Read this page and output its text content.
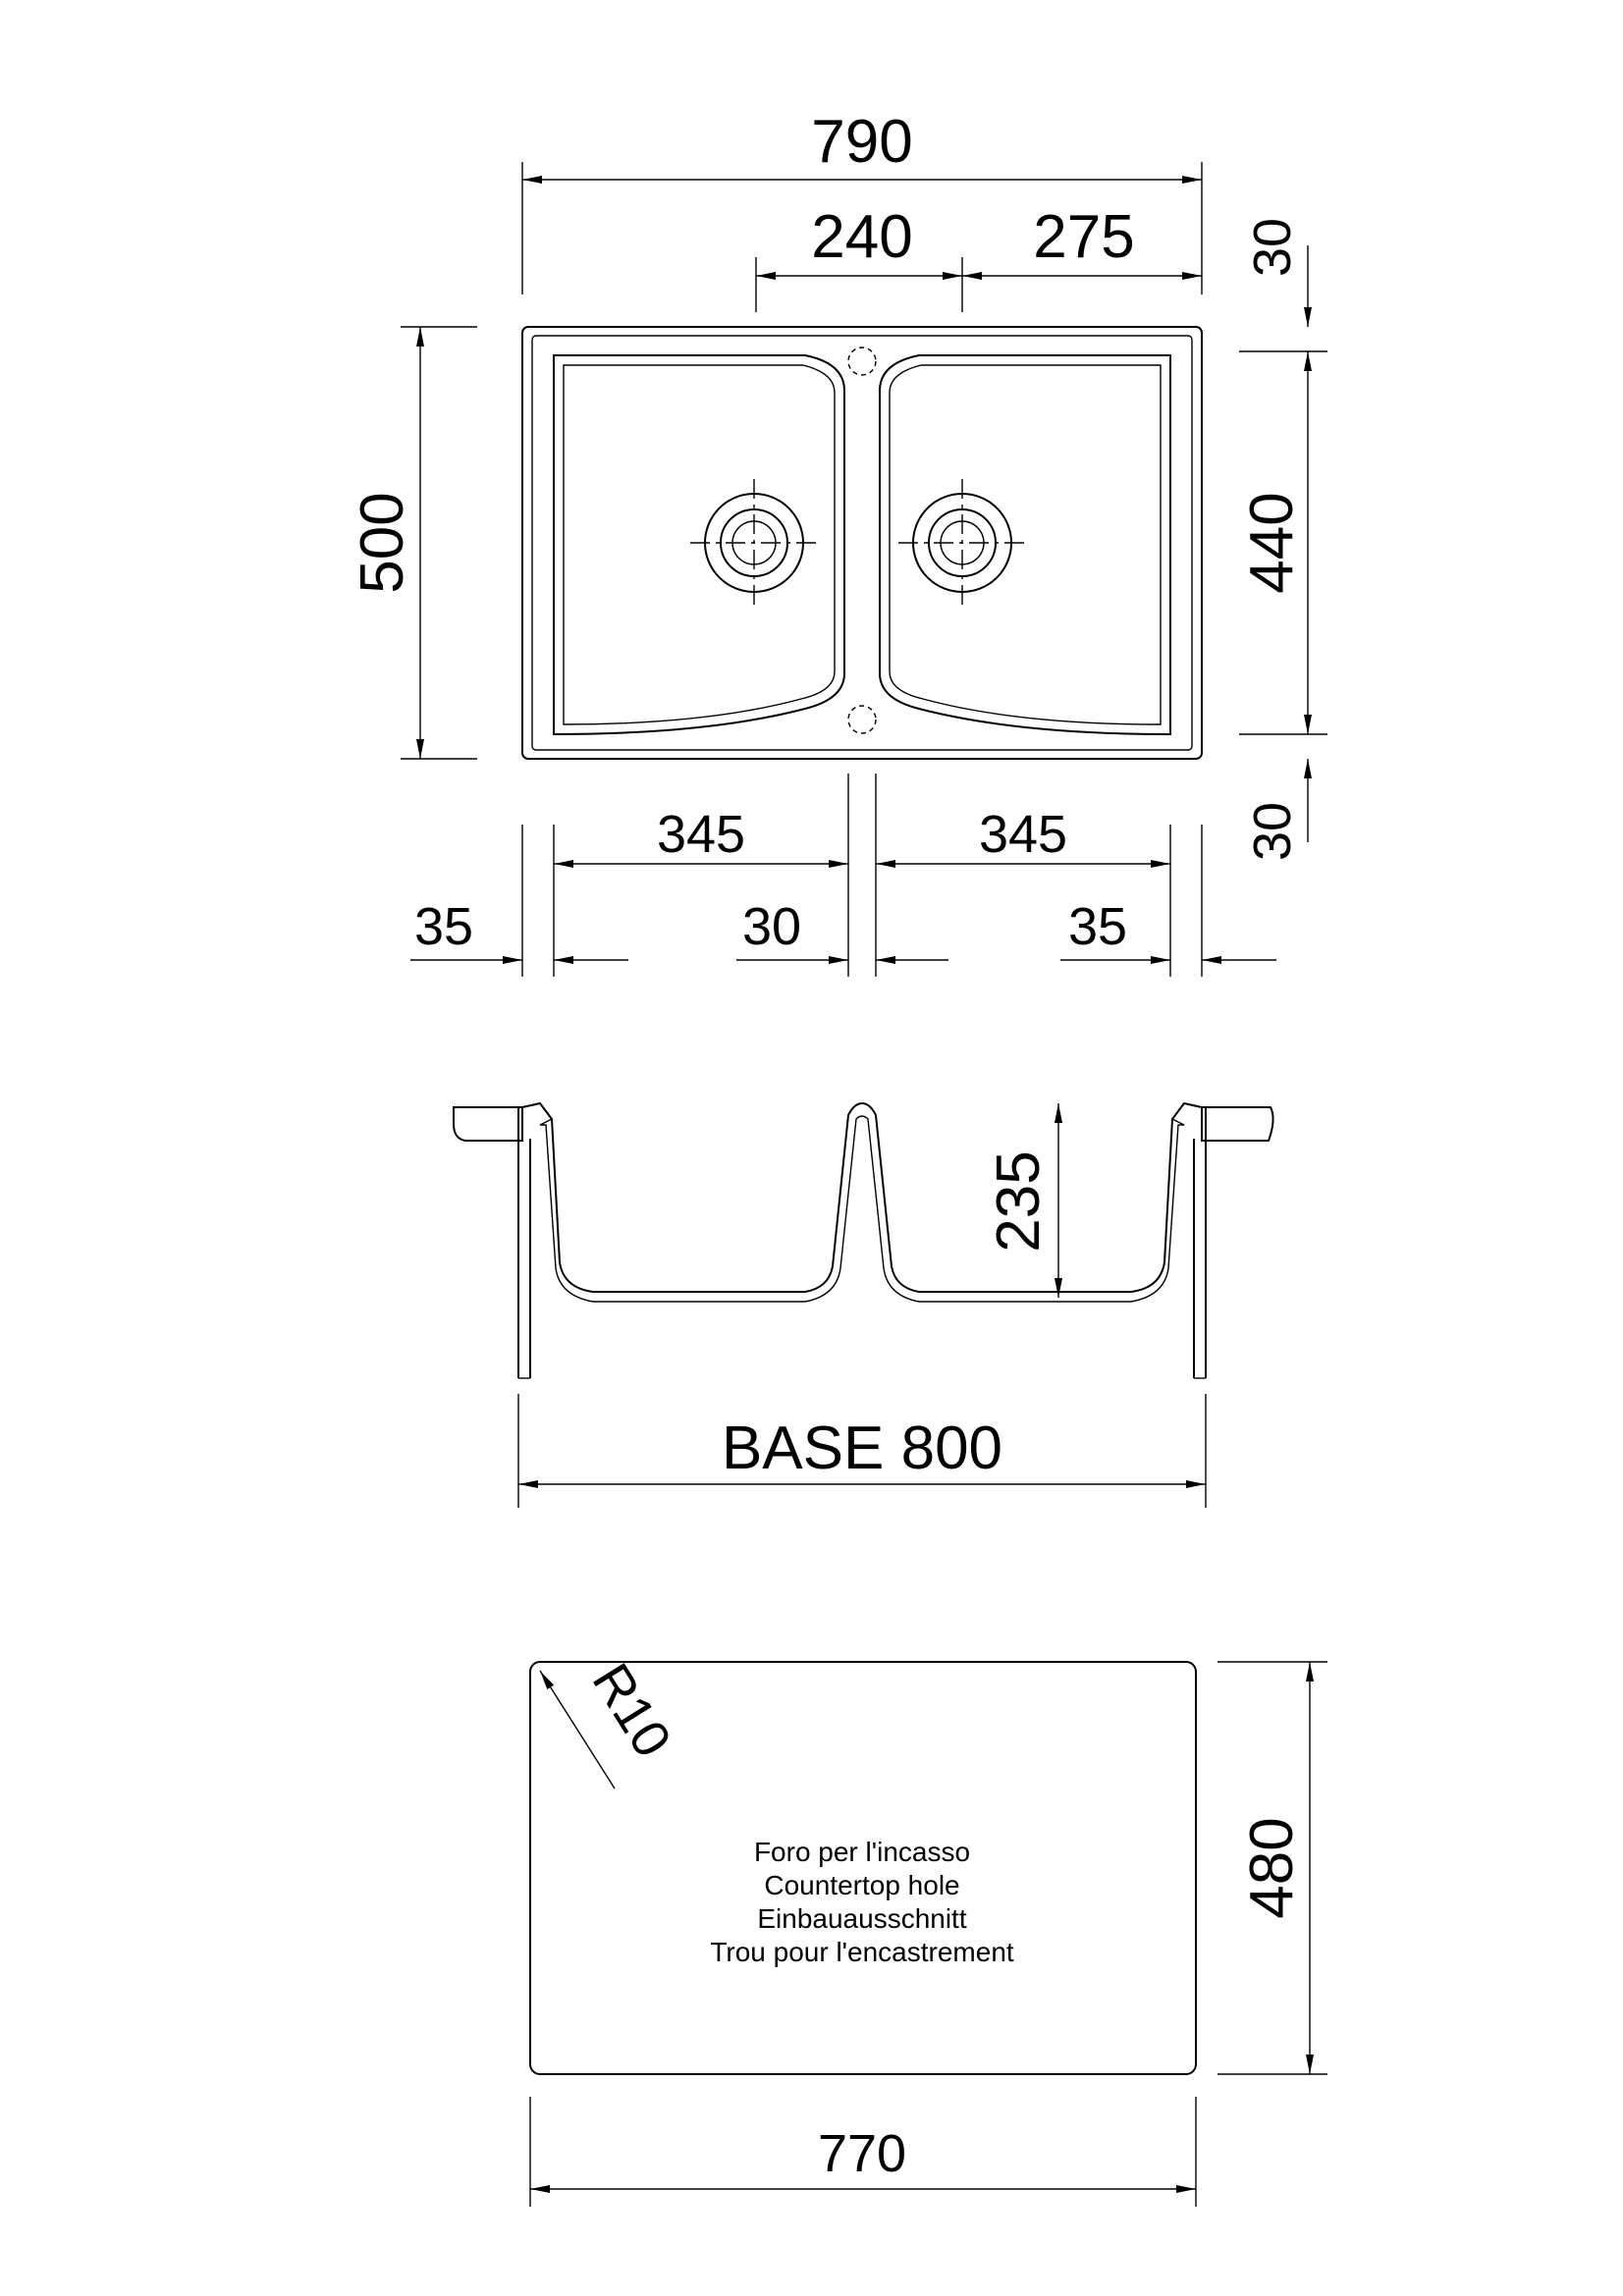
790
240 275
500
30
440
30
345	345
35	30	35
235
BASE 800
R10
Foro per l'incasso
Countertop hole
Einbauausschnitt
Trou pour l'encastrement
480
770
